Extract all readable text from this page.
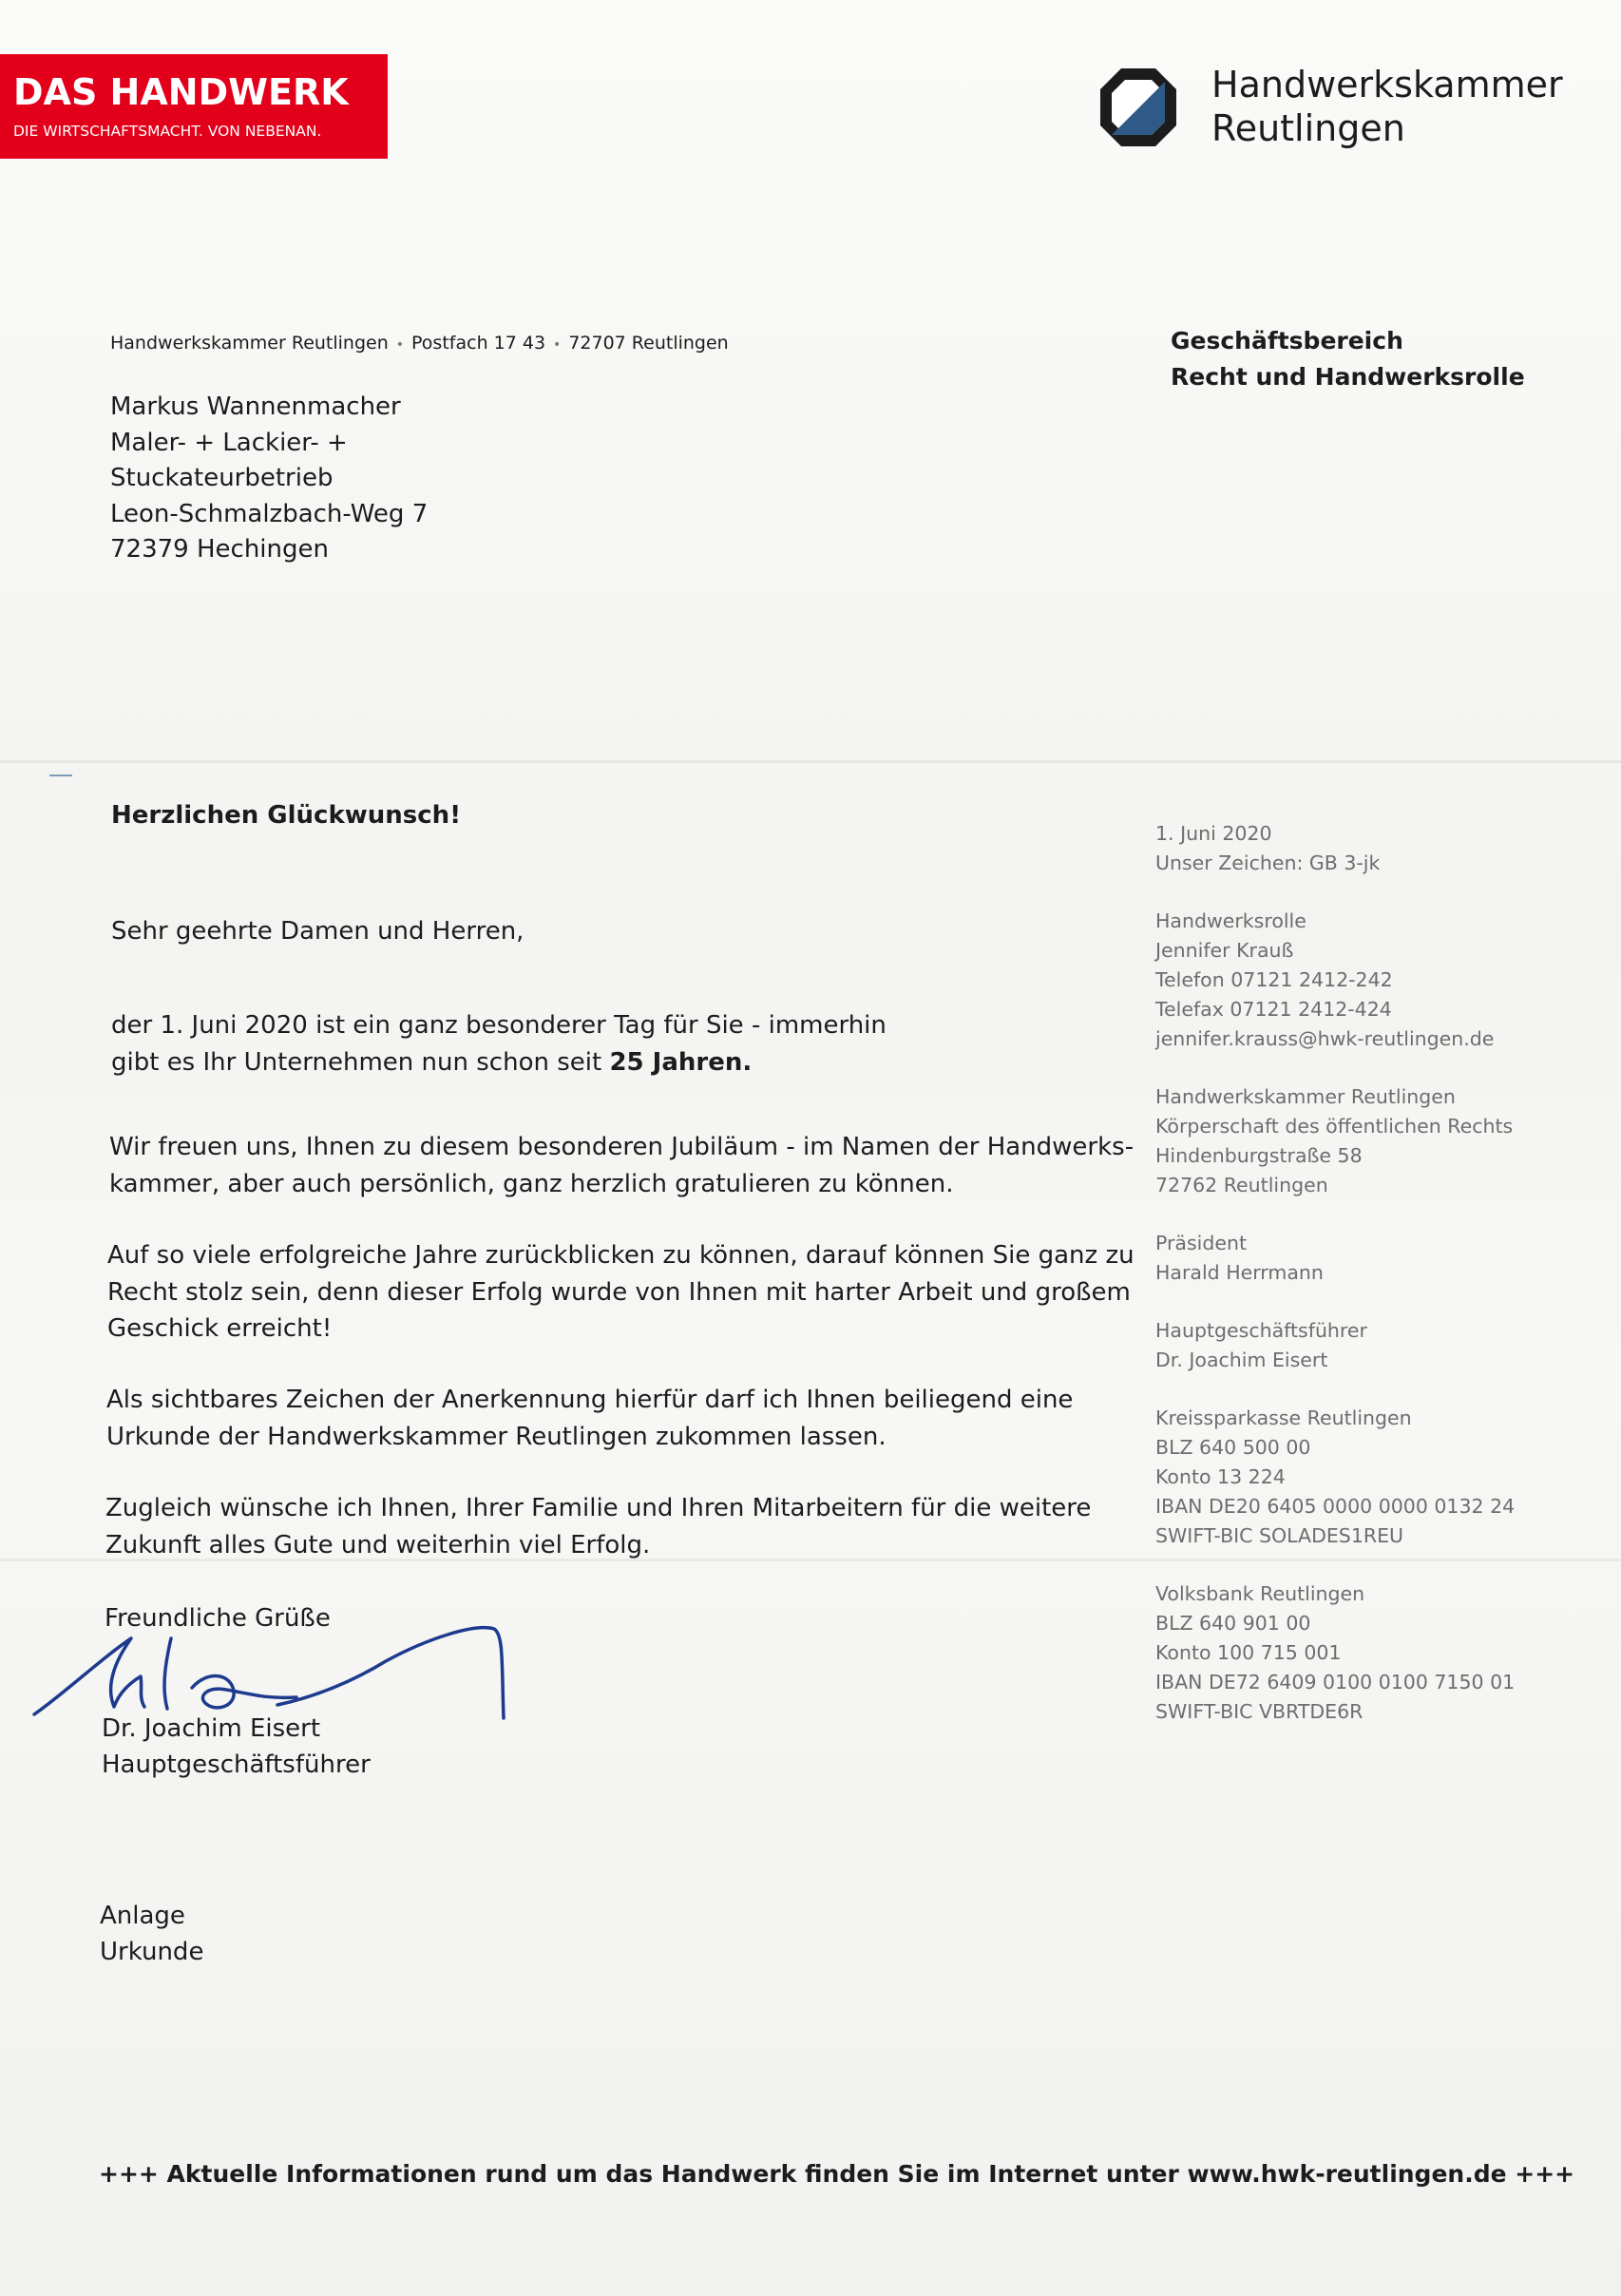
DAS HANDWERK
DIE WIRTSCHAFTSMACHT. VON NEBENAN.
Handwerkskammer
Reutlingen
Handwerkskammer Reutlingen • Postfach 17 43 • 72707 Reutlingen	Geschäftsbereich
Recht und Handwerksrolle
Markus Wannenmacher
Maler- + Lackier- +
Stuckateurbetrieb
Leon-Schmalzbach-Weg 7
72379 Hechingen
Herzlichen Glückwunsch!
Sehr geehrte Damen und Herren,
der 1. Juni 2020 ist ein ganz besonderer Tag für Sie - immerhin
gibt es Ihr Unternehmen nun schon seit 25 Jahren.
Wir freuen uns, Ihnen zu diesem besonderen Jubiläum - im Namen der Handwerks-
kammer, aber auch persönlich, ganz herzlich gratulieren zu können.
Auf so viele erfolgreiche Jahre zurückblicken zu können, darauf können Sie ganz zu
Recht stolz sein, denn dieser Erfolg wurde von Ihnen mit harter Arbeit und großem
Geschick erreicht!
Als sichtbares Zeichen der Anerkennung hierfür darf ich Ihnen beiliegend eine
Urkunde der Handwerkskammer Reutlingen zukommen lassen.
Zugleich wünsche ich Ihnen, Ihrer Familie und Ihren Mitarbeitern für die weitere
Zukunft alles Gute und weiterhin viel Erfolg.
Freundliche Grüße
Dr. Joachim Eisert
Hauptgeschäftsführer
Anlage
Urkunde
1. Juni 2020
Unser Zeichen: GB 3-jk
Handwerksrolle
Jennifer Krauß
Telefon 07121 2412-242
Telefax 07121 2412-424
jennifer.krauss@hwk-reutlingen.de
Handwerkskammer Reutlingen
Körperschaft des öffentlichen Rechts
Hindenburgstraße 58
72762 Reutlingen
Präsident
Harald Herrmann
Hauptgeschäftsführer
Dr. Joachim Eisert
Kreissparkasse Reutlingen
BLZ 640 500 00
Konto 13 224
IBAN DE20 6405 0000 0000 0132 24
SWIFT-BIC SOLADES1REU
Volksbank Reutlingen
BLZ 640 901 00
Konto 100 715 001
IBAN DE72 6409 0100 0100 7150 01
SWIFT-BIC VBRTDE6R
+++ Aktuelle Informationen rund um das Handwerk finden Sie im Internet unter www.hwk-reutlingen.de +++
